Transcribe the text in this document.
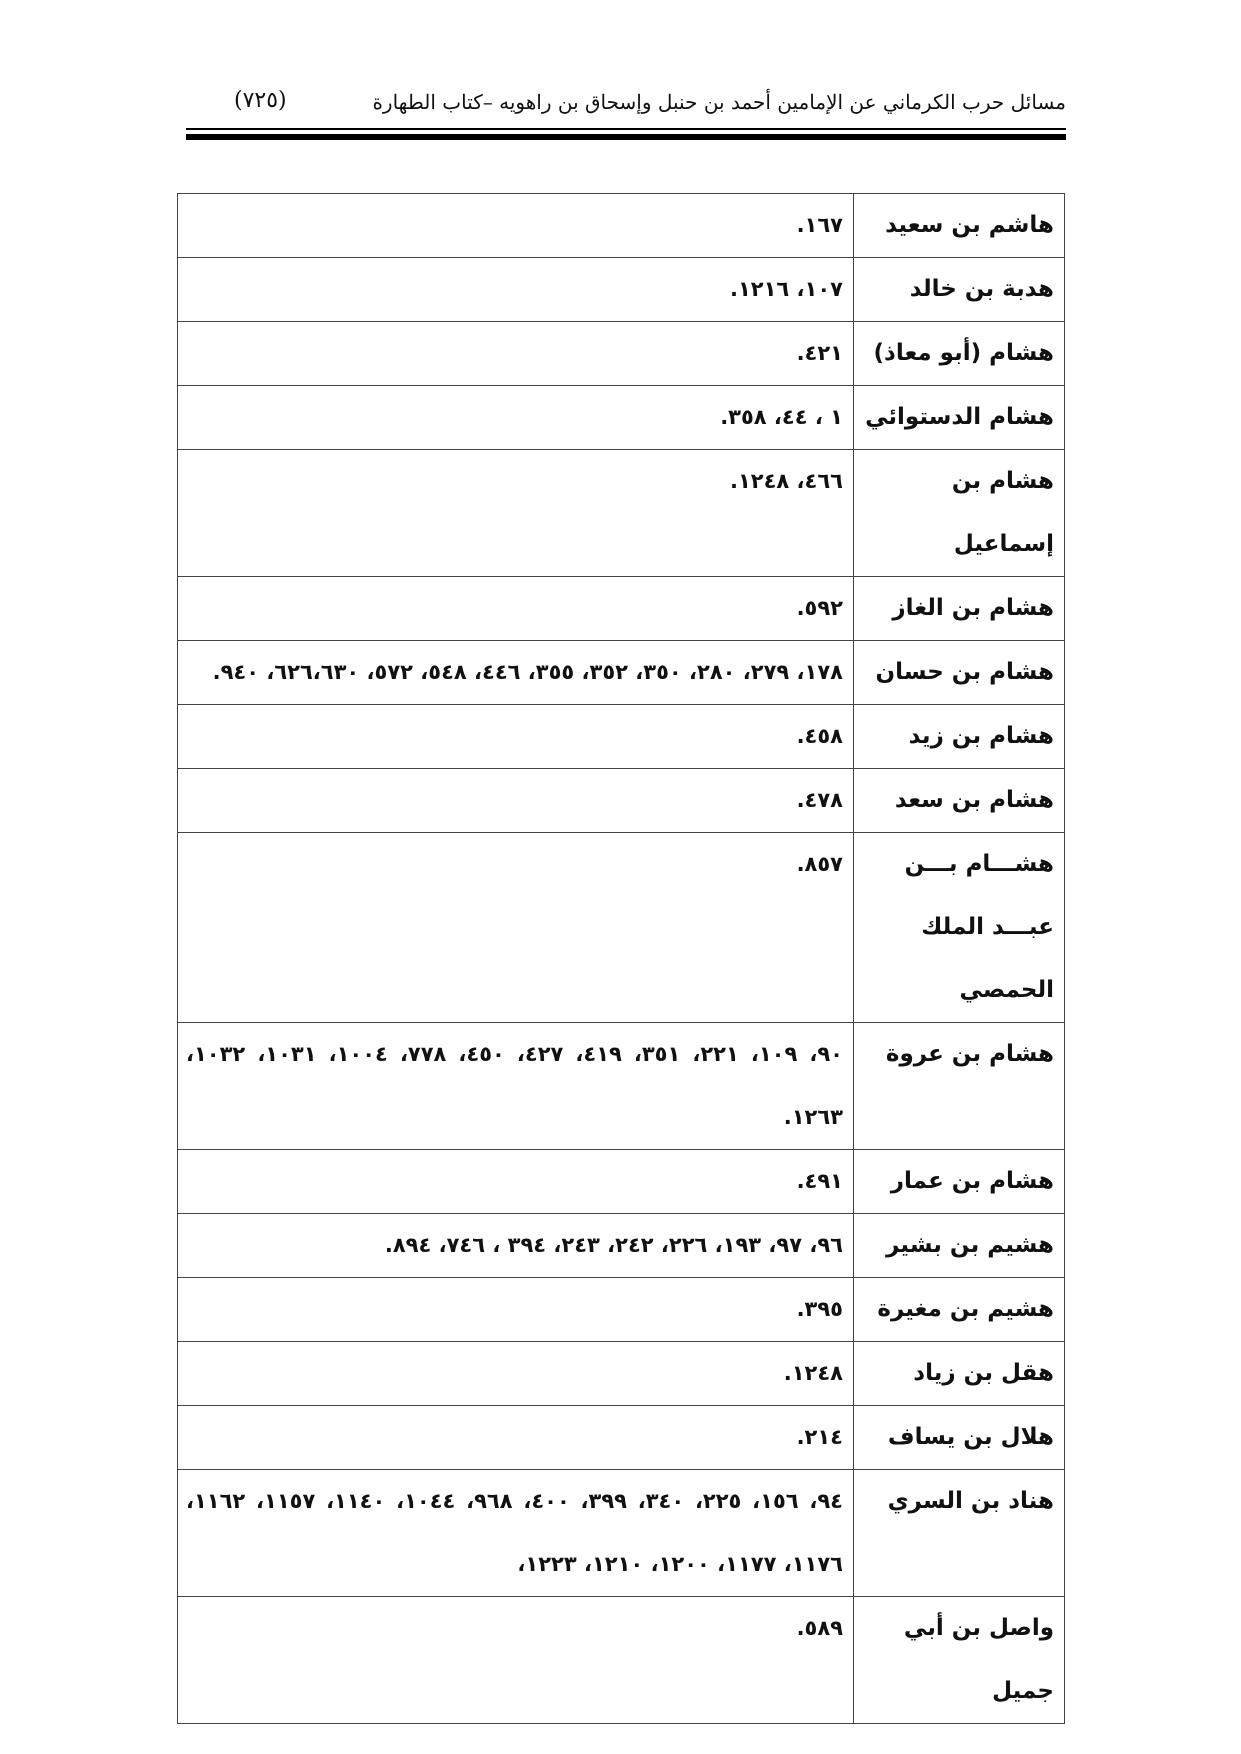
مسائل حرب الكرماني عن الإمامين أحمد بن حنبل وإسحاق بن راهويه –كتاب الطهارة
(٧٢٥)
هاشم بن سعيد	١٦٧.
هدبة بن خالد	١٠٧، ١٢١٦.
هشام (أبو معاذ)	٤٢١.
هشام الدستوائي	١ ، ٤٤، ٣٥٨.
هشام بن إسماعيل	٤٦٦، ١٢٤٨.
هشام بن الغاز	٥٩٢.
هشام بن حسان	١٧٨، ٢٧٩، ٢٨٠، ٣٥٠، ٣٥٢، ٣٥٥، ٤٤٦، ٥٤٨، ٥٧٢، ٦٢٦،٦٣٠، ٩٤٠.
هشام بن زيد	٤٥٨.
هشام بن سعد	٤٧٨.
هشـــام بـــن عبـــد الملك الحمصي	٨٥٧.
هشام بن عروة	٩٠، ١٠٩، ٢٢١، ٣٥١، ٤١٩، ٤٢٧، ٤٥٠، ٧٧٨، ١٠٠٤، ١٠٣١، ١٠٣٢، ١٢٦٣.
هشام بن عمار	٤٩١.
هشيم بن بشير	٩٦، ٩٧، ١٩٣، ٢٢٦، ٢٤٢، ٢٤٣، ٣٩٤ ، ٧٤٦، ٨٩٤.
هشيم بن مغيرة	٣٩٥.
هقل بن زياد	١٢٤٨.
هلال بن يساف	٢١٤.
هناد بن السري	٩٤، ١٥٦، ٢٢٥، ٣٤٠، ٣٩٩، ٤٠٠، ٩٦٨، ١٠٤٤، ١١٤٠، ١١٥٧، ١١٦٢، ١١٧٦، ١١٧٧، ١٢٠٠، ١٢١٠، ١٢٢٣،
واصل بن أبي جميل	٥٨٩.
